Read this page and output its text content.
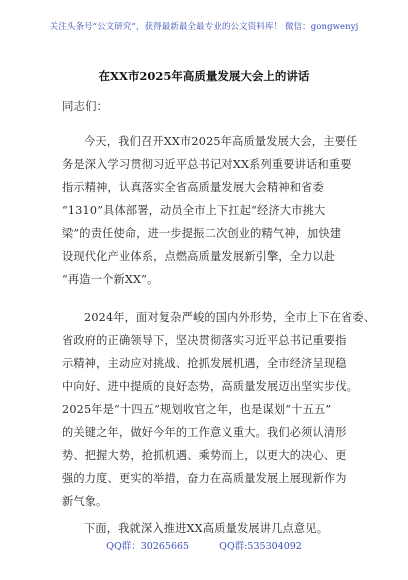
关注头条号“公文研究”，获得最新最全最专业的公文资料库！ 微信：gongwenyj
在XX市2025年高质量发展大会上的讲话
同志们：
今天，我们召开XX市2025年高质量发展大会，主要任
务是深入学习贯彻习近平总书记对XX系列重要讲话和重要
指示精神，认真落实全省高质量发展大会精神和省委
“1310”具体部署，动员全市上下扛起“经济大市挑大
梁”的责任使命，进一步提振二次创业的精气神，加快建
设现代化产业体系，点燃高质量发展新引擎，全力以赴
“再造一个新XX”。
2024年，面对复杂严峻的国内外形势，全市上下在省委、
省政府的正确领导下，坚决贯彻落实习近平总书记重要指
示精神，主动应对挑战、抢抓发展机遇，全市经济呈现稳
中向好、进中提质的良好态势，高质量发展迈出坚实步伐。
2025年是“十四五”规划收官之年，也是谋划“十五五”
的关键之年，做好今年的工作意义重大。我们必须认清形
势、把握大势，抢抓机遇、乘势而上，以更大的决心、更
强的力度、更实的举措，奋力在高质量发展上展现新作为
新气象。
下面，我就深入推进XX高质量发展讲几点意见。
QQ群：30265665	QQ群:535304092
